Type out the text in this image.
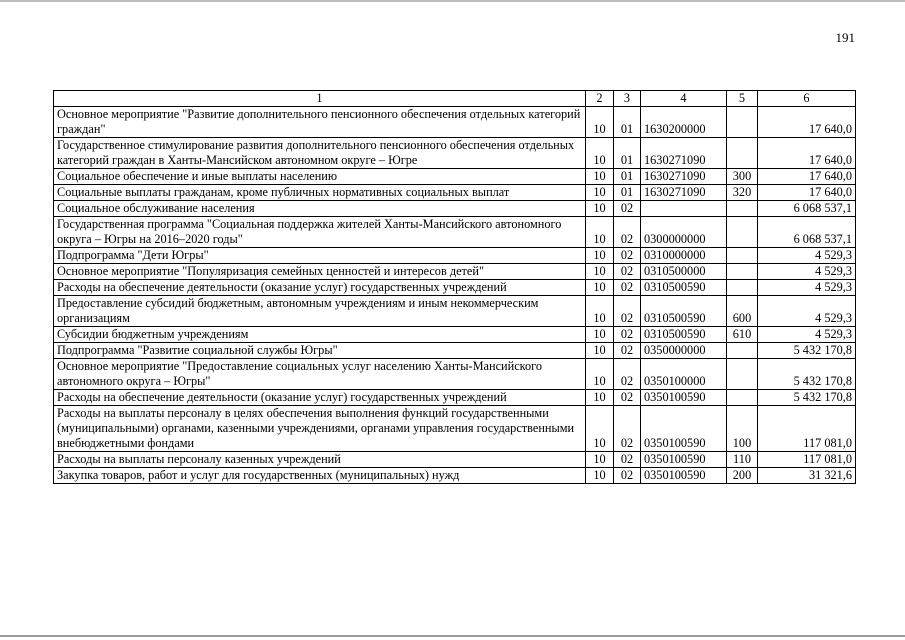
191
1	2	3	4	5	6
Основное мероприятие "Развитие дополнительного пенсионного обеспечения отдельных категорий граждан"	10	01	1630200000		17 640,0
Государственное стимулирование развития дополнительного пенсионного обеспечения отдельных категорий граждан в Ханты-Мансийском автономном округе – Югре	10	01	1630271090		17 640,0
Социальное обеспечение и иные выплаты населению	10	01	1630271090	300	17 640,0
Социальные выплаты гражданам, кроме публичных нормативных социальных выплат	10	01	1630271090	320	17 640,0
Социальное обслуживание населения	10	02			6 068 537,1
Государственная программа "Социальная поддержка жителей Ханты-Мансийского автономного округа – Югры на 2016–2020 годы"	10	02	0300000000		6 068 537,1
Подпрограмма "Дети Югры"	10	02	0310000000		4 529,3
Основное мероприятие "Популяризация семейных ценностей и интересов детей"	10	02	0310500000		4 529,3
Расходы на обеспечение деятельности (оказание услуг) государственных учреждений	10	02	0310500590		4 529,3
Предоставление субсидий бюджетным, автономным учреждениям и иным некоммерческим организациям	10	02	0310500590	600	4 529,3
Субсидии бюджетным учреждениям	10	02	0310500590	610	4 529,3
Подпрограмма "Развитие социальной службы Югры"	10	02	0350000000		5 432 170,8
Основное мероприятие "Предоставление социальных услуг населению Ханты-Мансийского автономного округа – Югры"	10	02	0350100000		5 432 170,8
Расходы на обеспечение деятельности (оказание услуг) государственных учреждений	10	02	0350100590		5 432 170,8
Расходы на выплаты персоналу в целях обеспечения выполнения функций государственными (муниципальными) органами, казенными учреждениями, органами управления государственными внебюджетными фондами	10	02	0350100590	100	117 081,0
Расходы на выплаты персоналу казенных учреждений	10	02	0350100590	110	117 081,0
Закупка товаров, работ и услуг для государственных (муниципальных) нужд	10	02	0350100590	200	31 321,6
